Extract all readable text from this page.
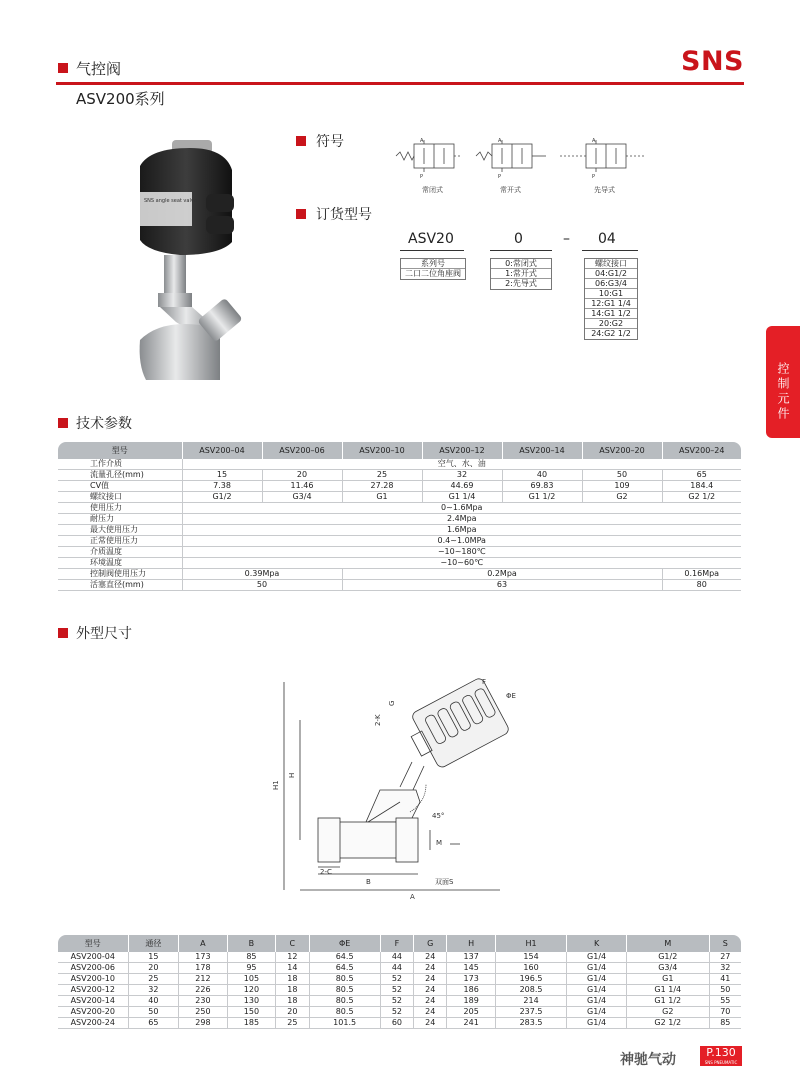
气控阀
ASV200系列
SNS
控制元件
SNS angle seat valve
符号	A
P
A
P
A
P
常闭式	常开式	先导式
订货型号
ASV20	0	– 04
系列号
二口二位角座阀
0:常闭式
1:常开式
2:先导式
螺纹接口
04:G1/2
06:G3/4
10:G1
12:G1 1/4
14:G1 1/2
20:G2
24:G2 1/2
技术参数
型号	ASV200–04	ASV200–06	ASV200–10	ASV200–12	ASV200–14	ASV200–20	ASV200–24
工作介质	空气、水、油						
流量孔径(mm)	15	20	25	32	40	50	65
CV值	7.38	11.46	27.28	44.69	69.83	109	184.4
螺纹接口	G1/2	G3/4	G1	G1 1/4	G1 1/2	G2	G2 1/2
使用压力	0~1.6Mpa						
耐压力	2.4Mpa						
最大使用压力	1.6Mpa						
正常使用压力	0.4~1.0MPa						
介质温度	−10~180℃						
环境温度	−10~60℃						
控制阀使用压力	0.39Mpa		0.2Mpa				0.16Mpa
活塞直径(mm)	50		63				80
外型尺寸
H1
H
A
B
2-C
M
双面S
2-K
G
F
ΦE
45°
型号	通径	A	B	C	ΦE	F	G	H	H1	K	M	S
ASV200-04	15	173	85	12	64.5	44	24	137	154	G1/4	G1/2	27
ASV200-06	20	178	95	14	64.5	44	24	145	160	G1/4	G3/4	32
ASV200-10	25	212	105	18	80.5	52	24	173	196.5	G1/4	G1	41
ASV200-12	32	226	120	18	80.5	52	24	186	208.5	G1/4	G1 1/4	50
ASV200-14	40	230	130	18	80.5	52	24	189	214	G1/4	G1 1/2	55
ASV200-20	50	250	150	20	80.5	52	24	205	237.5	G1/4	G2	70
ASV200-24	65	298	185	25	101.5	60	24	241	283.5	G1/4	G2 1/2	85
神驰气动	P.130
SNS PNEUMATIC
